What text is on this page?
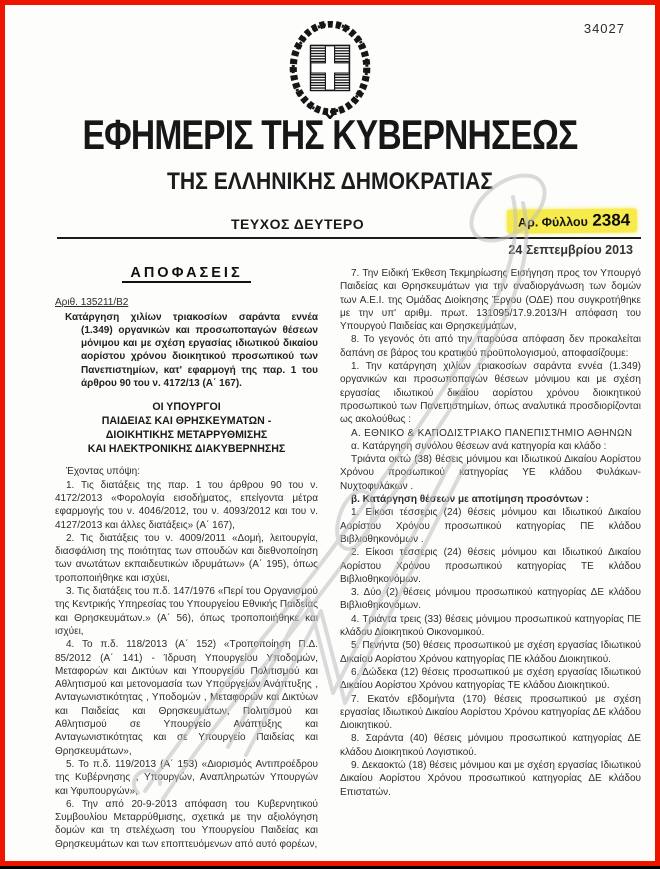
34027
ΕΦΗΜΕΡΙΣ ΤΗΣ ΚΥΒΕΡΝΗΣΕΩΣ
ΤΗΣ ΕΛΛΗΝΙΚΗΣ ΔΗΜΟΚΡΑΤΙΑΣ
ΤΕΥΧΟΣ ΔΕΥΤΕΡΟ	Αρ. Φύλλου 2384
24 Σεπτεμβρίου 2013
ΑΠΟΦΑΣΕΙΣ

Αριθ. 135211/Β2

Κατάργηση χιλίων τριακοσίων σαράντα εννέα (1.349) οργανικών και προσωποπαγών θέσεων μόνιμου και με σχέση εργασίας ιδιωτικού δικαίου αορίστου χρόνου διοικητικού προσωπικού των Πανεπιστημίων, κατ' εφαρμογή της παρ. 1 του άρθρου 90 του ν. 4172/13 (Α΄ 167).

ΟΙ ΥΠΟΥΡΓΟΙ
ΠΑΙΔΕΙΑΣ ΚΑΙ ΘΡΗΣΚΕΥΜΑΤΩΝ -
ΔΙΟΙΚΗΤΙΚΗΣ ΜΕΤΑΡΡΥΘΜΙΣΗΣ
ΚΑΙ ΗΛΕΚΤΡΟΝΙΚΗΣ ΔΙΑΚΥΒΕΡΝΗΣΗΣ

Έχοντας υπόψη:

1. Τις διατάξεις της παρ. 1 του άρθρου 90 του ν. 4172/2013 «Φορολογία εισοδήματος, επείγοντα μέτρα εφαρμογής του ν. 4046/2012, του ν. 4093/2012 και του ν. 4127/2013 και άλλες διατάξεις» (Α΄ 167),

2. Τις διατάξεις του ν. 4009/2011 «Δομή, λειτουργία, διασφάλιση της ποιότητας των σπουδών και διεθνοποίηση των ανωτάτων εκπαιδευτικών ιδρυμάτων» (Α΄ 195), όπως τροποποιήθηκε και ισχύει,

3. Τις διατάξεις του π.δ. 147/1976 «Περί του Οργανισμού της Κεντρικής Υπηρεσίας του Υπουργείου Εθνικής Παιδείας και Θρησκευμάτων.» (Α΄ 56), όπως τροποποιήθηκε και ισχύει,

4. Το π.δ. 118/2013 (Α΄ 152) «Τροποποίηση Π.Δ. 85/2012 (Α΄ 141) - Ίδρυση Υπουργείου Υποδομών, Μεταφορών και Δικτύων και Υπουργείου Πολιτισμού και Αθλητισμού και μετονομασία των Υπουργείων Ανάπτυξης , Ανταγωνιστικότητας , Υποδομών , Μεταφορών και Δικτύων και Παιδείας και Θρησκευμάτων, Πολιτισμού και Αθλητισμού σε Υπουργείο Ανάπτυξης και Ανταγωνιστικότητας και σε Υπουργείο Παιδείας και Θρησκευμάτων»,

5. Το π.δ. 119/2013 (Α΄ 153) «Διορισμός Αντιπροέδρου της Κυβέρνησης , Υπουργών, Αναπληρωτών Υπουργών και Υφυπουργών»,

6. Την από 20-9-2013 απόφαση του Κυβερνητικού Συμβουλίου Μεταρρύθμισης, σχετικά με την αξιολόγηση δομών και τη στελέχωση του Υπουργείου Παιδείας και Θρησκευμάτων και των εποπτευόμενων από αυτό φορέων,

7. Την Ειδική Έκθεση Τεκμηρίωσης Εισήγηση προς τον Υπουργό Παιδείας και Θρησκευμάτων για την αναδιοργάνωση των δομών των Α.Ε.Ι. της Ομάδας Διοίκησης Έργου (ΟΔΕ) που συγκροτήθηκε με την υπ' αριθμ. πρωτ. 131095/17.9.2013/Η απόφαση του Υπουργού Παιδείας και Θρησκευμάτων,

8. Το γεγονός ότι από την παρούσα απόφαση δεν προκαλείται δαπάνη σε βάρος του κρατικού προϋπολογισμού, αποφασίζουμε:

1. Την κατάργηση χιλίων τριακοσίων σαράντα εννέα (1.349) οργανικών και προσωποπαγών θέσεων μόνιμου και με σχέση εργασίας ιδιωτικού δικαίου αορίστου χρόνου διοικητικού προσωπικού των Πανεπιστημίων, όπως αναλυτικά προσδιορίζονται ως ακολούθως :

Α. ΕΘΝΙΚΟ & ΚΑΠΟΔΙΣΤΡΙΑΚΟ ΠΑΝΕΠΙΣΤΗΜΙΟ ΑΘΗΝΩΝ

α. Κατάργηση συνόλου θέσεων ανά κατηγορία και κλάδο :

Τριάντα οκτώ (38) θέσεις μόνιμου και Ιδιωτικού Δικαίου Αορίστου Χρόνου προσωπικού κατηγορίας ΥΕ κλάδου Φυλάκων-Νυχτοφυλάκων .

β. Κατάργηση θέσεων με αποτίμηση προσόντων :

1. Είκοσι τέσσερις (24) θέσεις μόνιμου και Ιδιωτικού Δικαίου Αορίστου Χρόνου προσωπικού κατηγορίας ΠΕ κλάδου Βιβλιοθηκονόμων .

2. Είκοσι τέσσερις (24) θέσεις μόνιμου και Ιδιωτικού Δικαίου Αορίστου Χρόνου προσωπικού κατηγορίας ΤΕ κλάδου Βιβλιοθηκονόμων.

3. Δύο (2) θέσεις μόνιμου προσωπικού κατηγορίας ΔΕ κλάδου Βιβλιοθηκονόμων.

4. Τριάντα τρεις (33) θέσεις μόνιμου προσωπικού κατηγορίας ΠΕ κλάδου Διοικητικού Οικονομικού.

5. Πενήντα (50) θέσεις προσωπικού με σχέση εργασίας Ιδιωτικού Δικαίου Αορίστου Χρόνου κατηγορίας ΠΕ κλάδου Διοικητικού.

6. Δώδεκα (12) θέσεις προσωπικού με σχέση εργασίας Ιδιωτικού Δικαίου Αορίστου Χρόνου κατηγορίας ΤΕ κλάδου Διοικητικού.

7. Εκατόν εβδομήντα (170) θέσεις προσωπικού με σχέση εργασίας Ιδιωτικού Δικαίου Αορίστου Χρόνου κατηγορίας ΔΕ κλάδου Διοικητικού.

8. Σαράντα (40) θέσεις μόνιμου προσωπικού κατηγορίας ΔΕ κλάδου Διοικητικού Λογιστικού.

9. Δεκαοκτώ (18) θέσεις μόνιμου και με σχέση εργασίας Ιδιωτικού Δικαίου Αορίστου Χρόνου προσωπικού κατηγορίας ΔΕ κλάδου Επιστατών.
